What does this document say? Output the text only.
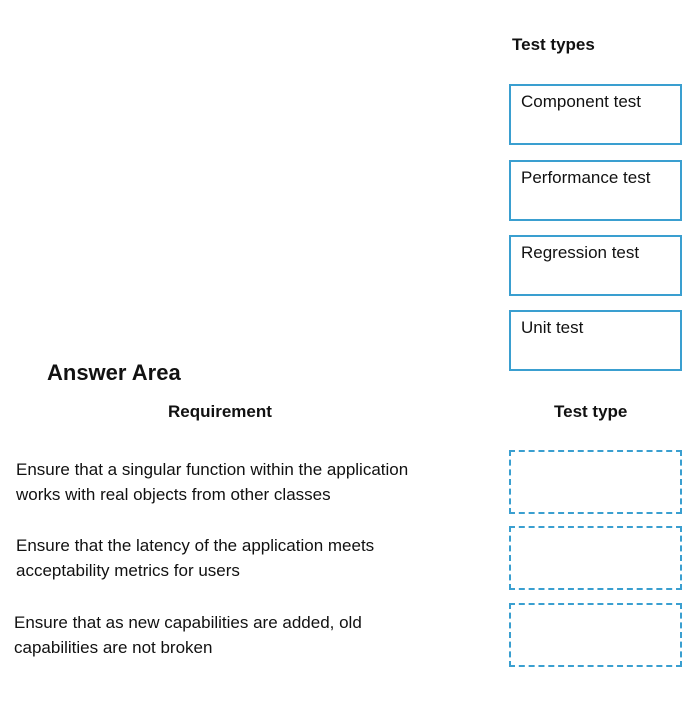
Test types
Component test
Performance test
Regression test
Unit test
Answer Area
Requirement	Test type
Ensure that a singular function within the application
works with real objects from other classes
Ensure that the latency of the application meets
acceptability metrics for users
Ensure that as new capabilities are added, old
capabilities are not broken
